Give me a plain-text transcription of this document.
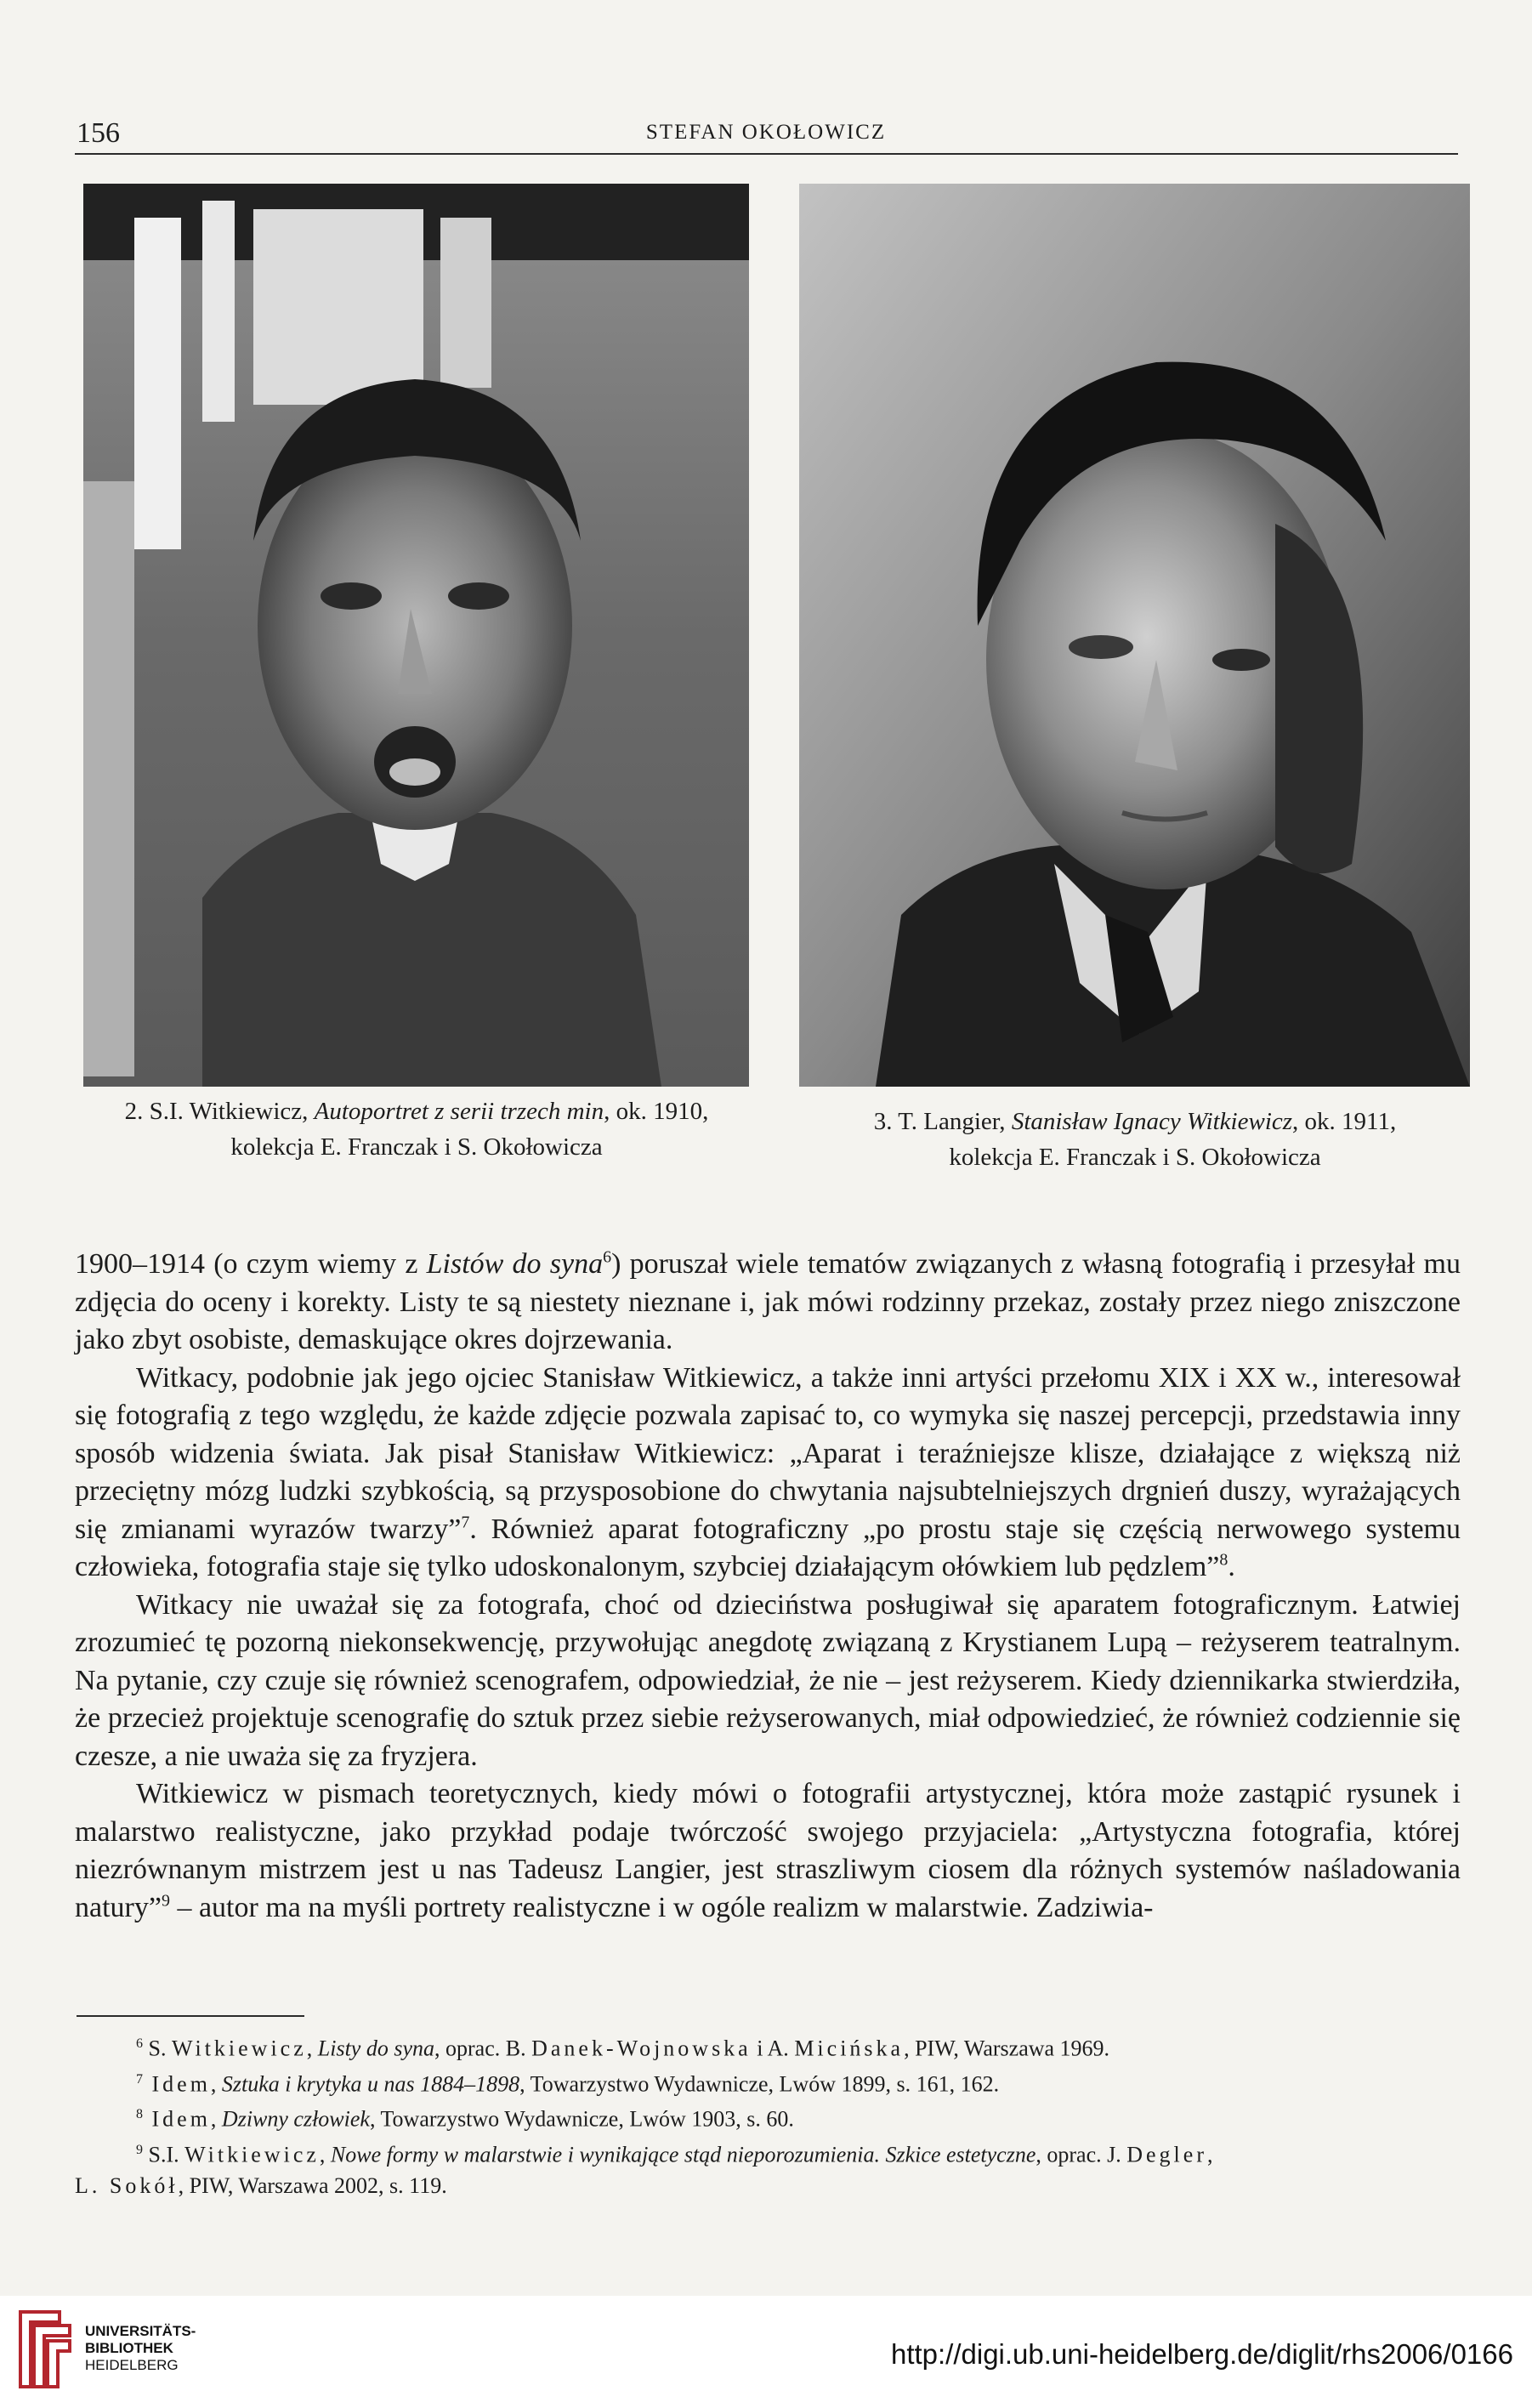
156	STEFAN OKOŁOWICZ
2. S.I. Witkiewicz, Autoportret z serii trzech min, ok. 1910,
kolekcja E. Franczak i S. Okołowicza
3. T. Langier, Stanisław Ignacy Witkiewicz, ok. 1911,
kolekcja E. Franczak i S. Okołowicza

1900–1914 (o czym wiemy z Listów do syna$^6$) poruszał wiele tematów związanych z własną fotografią i przesyłał mu zdjęcia do oceny i korekty. Listy te są niestety nieznane i, jak mówi rodzinny przekaz, zostały przez niego zniszczone jako zbyt osobiste, demaskujące okres dojrzewania.

Witkacy, podobnie jak jego ojciec Stanisław Witkiewicz, a także inni artyści przełomu XIX i XX w., interesował się fotografią z tego względu, że każde zdjęcie pozwala zapisać to, co wymyka się naszej percepcji, przedstawia inny sposób widzenia świata. Jak pisał Stanisław Witkiewicz: „Aparat i teraźniejsze klisze, działające z większą niż przeciętny mózg ludzki szybkością, są przysposobione do chwytania najsubtelniejszych drgnień duszy, wyrażających się zmianami wyrazów twarzy”$^7$. Również aparat fotograficzny „po prostu staje się częścią nerwowego systemu człowieka, fotografia staje się tylko udoskonalonym, szybciej działającym ołówkiem lub pędzlem”$^8$.

Witkacy nie uważał się za fotografa, choć od dzieciństwa posługiwał się aparatem fotograficznym. Łatwiej zrozumieć tę pozorną niekonsekwencję, przywołując anegdotę związaną z Krystianem Lupą – reżyserem teatralnym. Na pytanie, czy czuje się również scenografem, odpowiedział, że nie – jest reżyserem. Kiedy dziennikarka stwierdziła, że przecież projektuje scenografię do sztuk przez siebie reżyserowanych, miał odpowiedzieć, że również codziennie się czesze, a nie uważa się za fryzjera.

Witkiewicz w pismach teoretycznych, kiedy mówi o fotografii artystycznej, która może zastąpić rysunek i malarstwo realistyczne, jako przykład podaje twórczość swojego przyjaciela: „Artystyczna fotografia, której niezrównanym mistrzem jest u nas Tadeusz Langier, jest straszliwym ciosem dla różnych systemów naśladowania natury”$^9$ – autor ma na myśli portrety realistyczne i w ogóle realizm w malarstwie. Zadziwia-

$^6$ S. Witkiewicz, Listy do syna, oprac. B. Danek-Wojnowska i A. Micińska, PIW, Warszawa 1969.

$^7$ Idem, Sztuka i krytyka u nas 1884–1898, Towarzystwo Wydawnicze, Lwów 1899, s. 161, 162.

$^8$ Idem, Dziwny człowiek, Towarzystwo Wydawnicze, Lwów 1903, s. 60.

$^9$ S.I. Witkiewicz, Nowe formy w malarstwie i wynikające stąd nieporozumienia. Szkice estetyczne, oprac. J. Degler,

L. Sokół, PIW, Warszawa 2002, s. 119.

UNIVERSITÄTS-
BIBLIOTHEK
HEIDELBERG	http://digi.ub.uni-heidelberg.de/diglit/rhs2006/0166
